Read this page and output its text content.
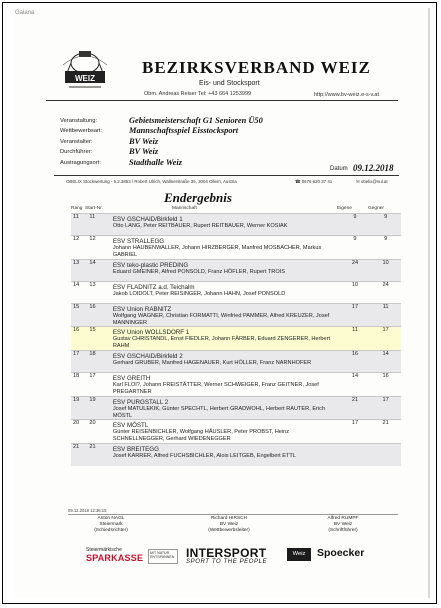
Galana
WEIZ
BEZIRKSVERBAND WEIZ
Eis- und Stocksport
Obm. Andreas Reiser Tel: +43 664 1253999	http://www.bv-weiz.e-s-v.at
Veranstaltung:	Gebietsmeisterschaft G1 Senioren Ü50
Wettbewerbsart:	Mannschaftsspiel Eisstocksport
Veranstalter:	BV Weiz
Durchführer:	BV Weiz
Austragungsort:	Stadthalle Weiz
Datum 09.12.2018
OBELIX Stockwertung - 5.2.3853 / Robert Ulrich, Wallnerstraße 35, 3004 Ollern, Austria	☎ 0676 620 37 41	✉ obelix@nul.at
Endergebnis
Rang Start-Nr.	Mannschaft	Eigene	Gegner
11	11	ESV GSCHAID/Birkfeld 1
Otto LANG, Peter REITBAUER, Rupert REITBAUER, Werner KOSIAK	9	9
12	12	ESV STRALLEGG
Johann HAUBENWALLER, Johann HIRZBERGER, Manfred MOSBACHER, Markus GABRIEL	9	9
13	14	ESV teko-plastic PREDING
Eduard GMEINER, Alfred PONSOLD, Franz HÖFLER, Rupert TROIS	24	10
14	13	ESV FLADNITZ a.d. Teichalm
Jakob LOIDOLT, Peter REISINGER, Johann HAHN, Josef PONSOLD	10	24
15	16	ESV Union RABNITZ
Wolfgang WAGNER, Christian FORMATTI, Winfried PAMMER, Alfred KREUZER, Josef MANNINGER	17	11
16	15	ESV Union WOLLSDORF 1
Gustav CHRISTANDL, Ernst FIEDLER, Johann FÄRBER, Eduard ZENGERER, Herbert RAHM	11	17
17	18	ESV GSCHAID/Birkfeld 2
Gerhard GRUBER, Manfred HAGENAUER, Kurt HÖLLER, Franz NARNHOFER	16	14
18	17	ESV GREITH
Karl FLOI?, Johann FREISTÄTTER, Werner SCHWEIGER, Franz GEITNER, Josef PREGARTNER	14	16
19	19	ESV PURGSTALL 2
Josef MATULEKIK, Günter SPECHTL, Herbert GRADWOHL, Herbert RAUTER, Erich MÖSTL	21	17
20	20	ESV MÖSTL
Günter REISENBICHLER, Wolfgang HÄUSLER, Peter PROBST, Heinz SCHNELLNEGGER, Gerhard WIEDENEGGER	17	21
21	21	ESV BREITEGG
Josef KARRER, Alfred FUCHSBICHLER, Alois LEITGEB, Engelbert ETTL		

09.12.2018 12:36:15
Anton NAGL
Steiermark
(Schiedsrichter)
Richard HIRSCH
BV Weiz
(Wettbewerbsleiter)
Alfred RUMPF
BV Weiz
(Schriftführer)
Steiermärkische
SPARKASSE	MIT NATUR ENTSPANNEN INTERSPORT
SPORT TO THE PEOPLE
Weiz	Spoecker
